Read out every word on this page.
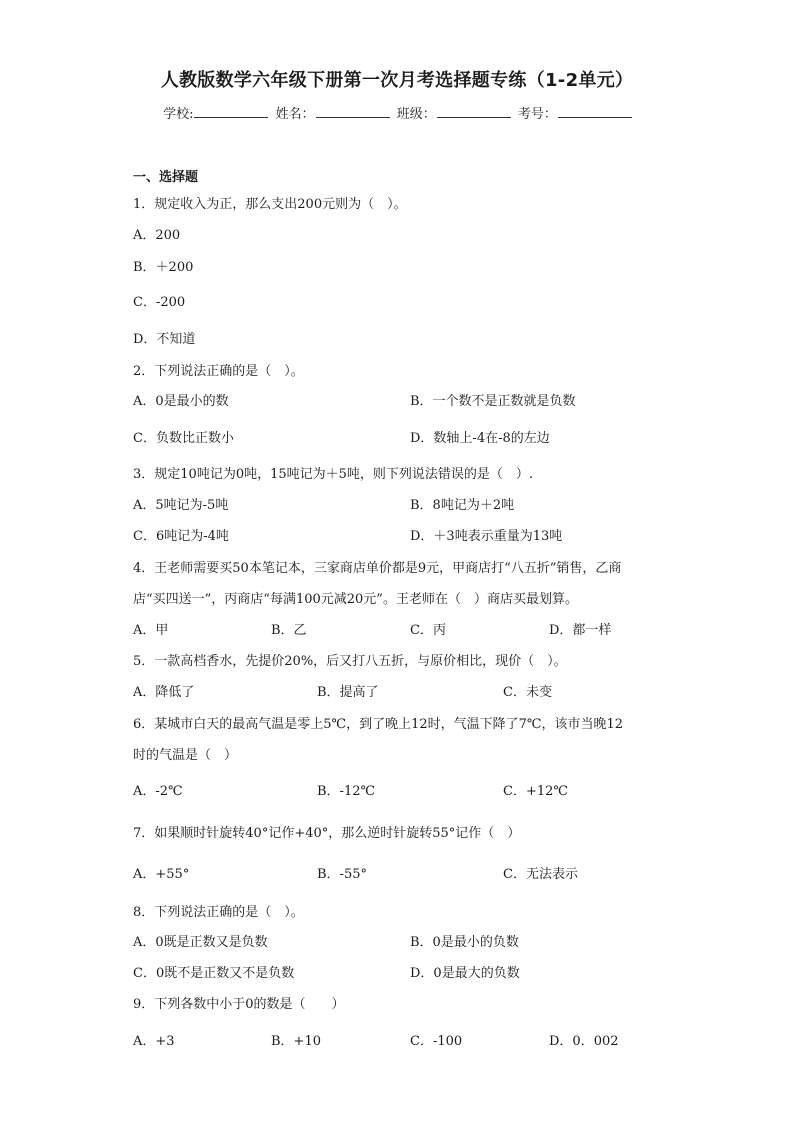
人教版数学六年级下册第一次月考选择题专练（1-2单元）
学校:	姓名：	班级：	考号：
一、选择题
1．规定收入为正，那么支出200元则为（　）。
A．200
B．＋200
C．-200
D．不知道
2．下列说法正确的是（　）。
A．0是最小的数	B．一个数不是正数就是负数
C．负数比正数小	D．数轴上-4在-8的左边
3．规定10吨记为0吨，15吨记为＋5吨，则下列说法错误的是（　）.
A．5吨记为-5吨	B．8吨记为＋2吨
C．6吨记为-4吨	D．＋3吨表示重量为13吨
4．王老师需要买50本笔记本，三家商店单价都是9元，甲商店打“八五折”销售，乙商
店“买四送一”，丙商店“每满100元减20元”。王老师在（　）商店买最划算。
A．甲	B．乙	C．丙	D．都一样
5．一款高档香水，先提价20%，后又打八五折，与原价相比，现价（　）。
A．降低了	B．提高了	C．未变
6．某城市白天的最高气温是零上5℃，到了晚上12时，气温下降了7℃，该市当晚12
时的气温是（　）
A．-2℃	B．-12℃	C．+12℃
7．如果顺时针旋转40°记作+40°，那么逆时针旋转55°记作（　）
A．+55°	B．-55°	C．无法表示
8．下列说法正确的是（　）。
A．0既是正数又是负数	B．0是最小的负数
C．0既不是正数又不是负数	D．0是最大的负数
9．下列各数中小于0的数是（　　）
A．+3	B．+10	C．-100	D．0．002
